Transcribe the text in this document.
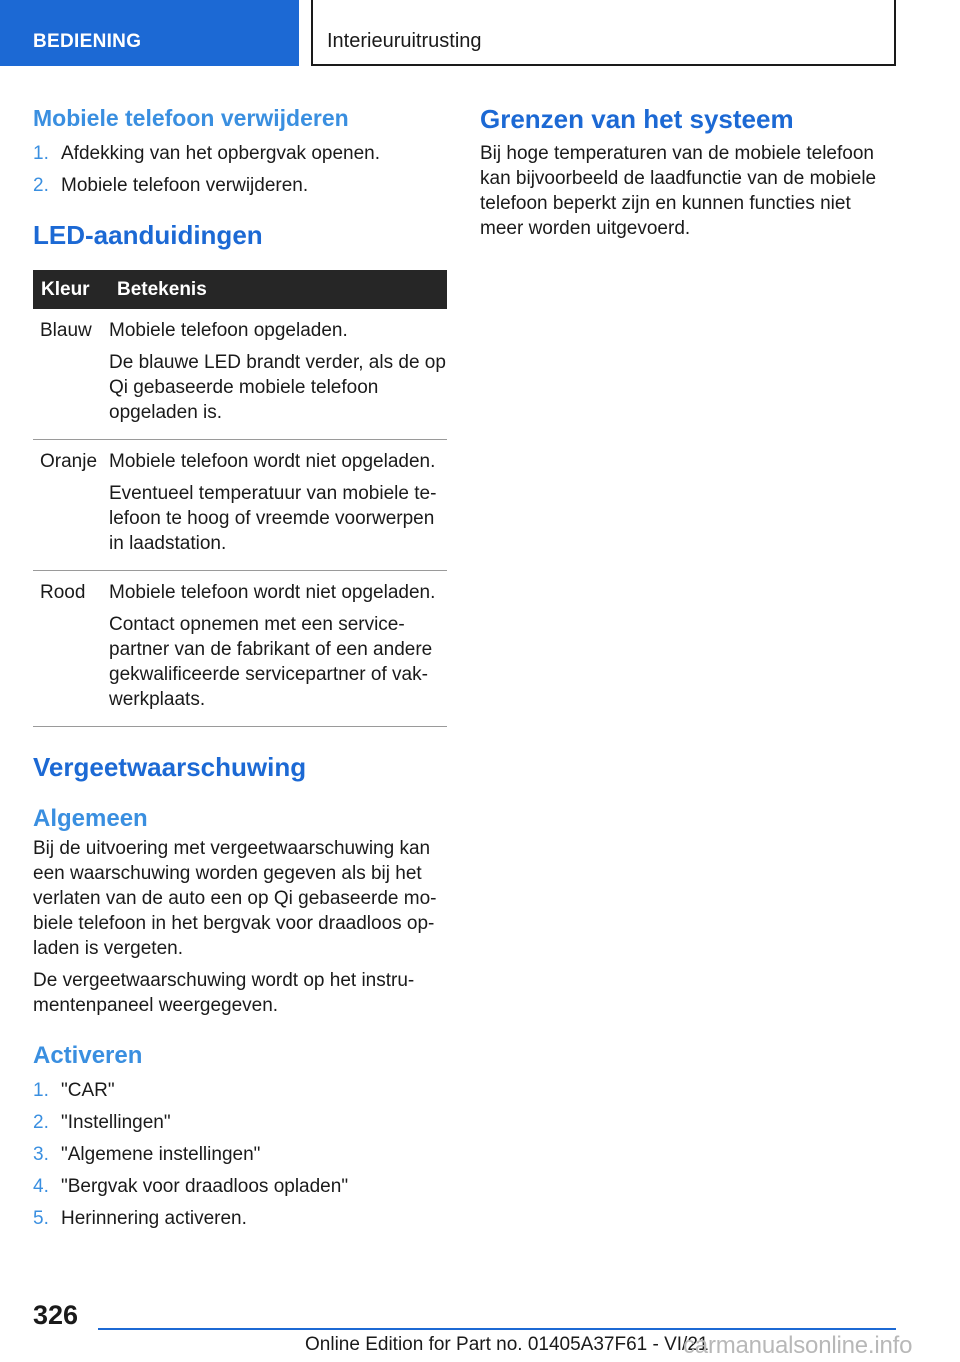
BEDIENING	Interieuruitrusting
Mobiele telefoon verwijderen
1. Afdekking van het opbergvak openen.
2. Mobiele telefoon verwijderen.
LED-aanduidingen
Kleur	Betekenis
Blauw	Mobiele telefoon opgeladen.

De blauwe LED brandt verder, als de op Qi gebaseerde mobiele telefoon opgeladen is.

Oranje	Mobiele telefoon wordt niet opgeladen.

Eventueel temperatuur van mobiele te-lefoon te hoog of vreemde voorwerpen in laadstation.

Rood	Mobiele telefoon wordt niet opgeladen.

Contact opnemen met een service-partner van de fabrikant of een andere gekwalificeerde servicepartner of vak-werkplaats.

Vergeetwaarschuwing
Algemeen

Bij de uitvoering met vergeetwaarschuwing kan een waarschuwing worden gegeven als bij het verlaten van de auto een op Qi gebaseerde mo-biele telefoon in het bergvak voor draadloos op-laden is vergeten.

De vergeetwaarschuwing wordt op het instru-mentenpaneel weergegeven.

Activeren
1. "CAR"
2. "Instellingen"
3. "Algemene instellingen"
4. "Bergvak voor draadloos opladen"
5. Herinnering activeren.
Grenzen van het systeem

Bij hoge temperaturen van de mobiele telefoon kan bijvoorbeeld de laadfunctie van de mobiele telefoon beperkt zijn en kunnen functies niet meer worden uitgevoerd.

326
Online Edition for Part no. 01405A37F61 - VI/21
carmanualsonline.info
